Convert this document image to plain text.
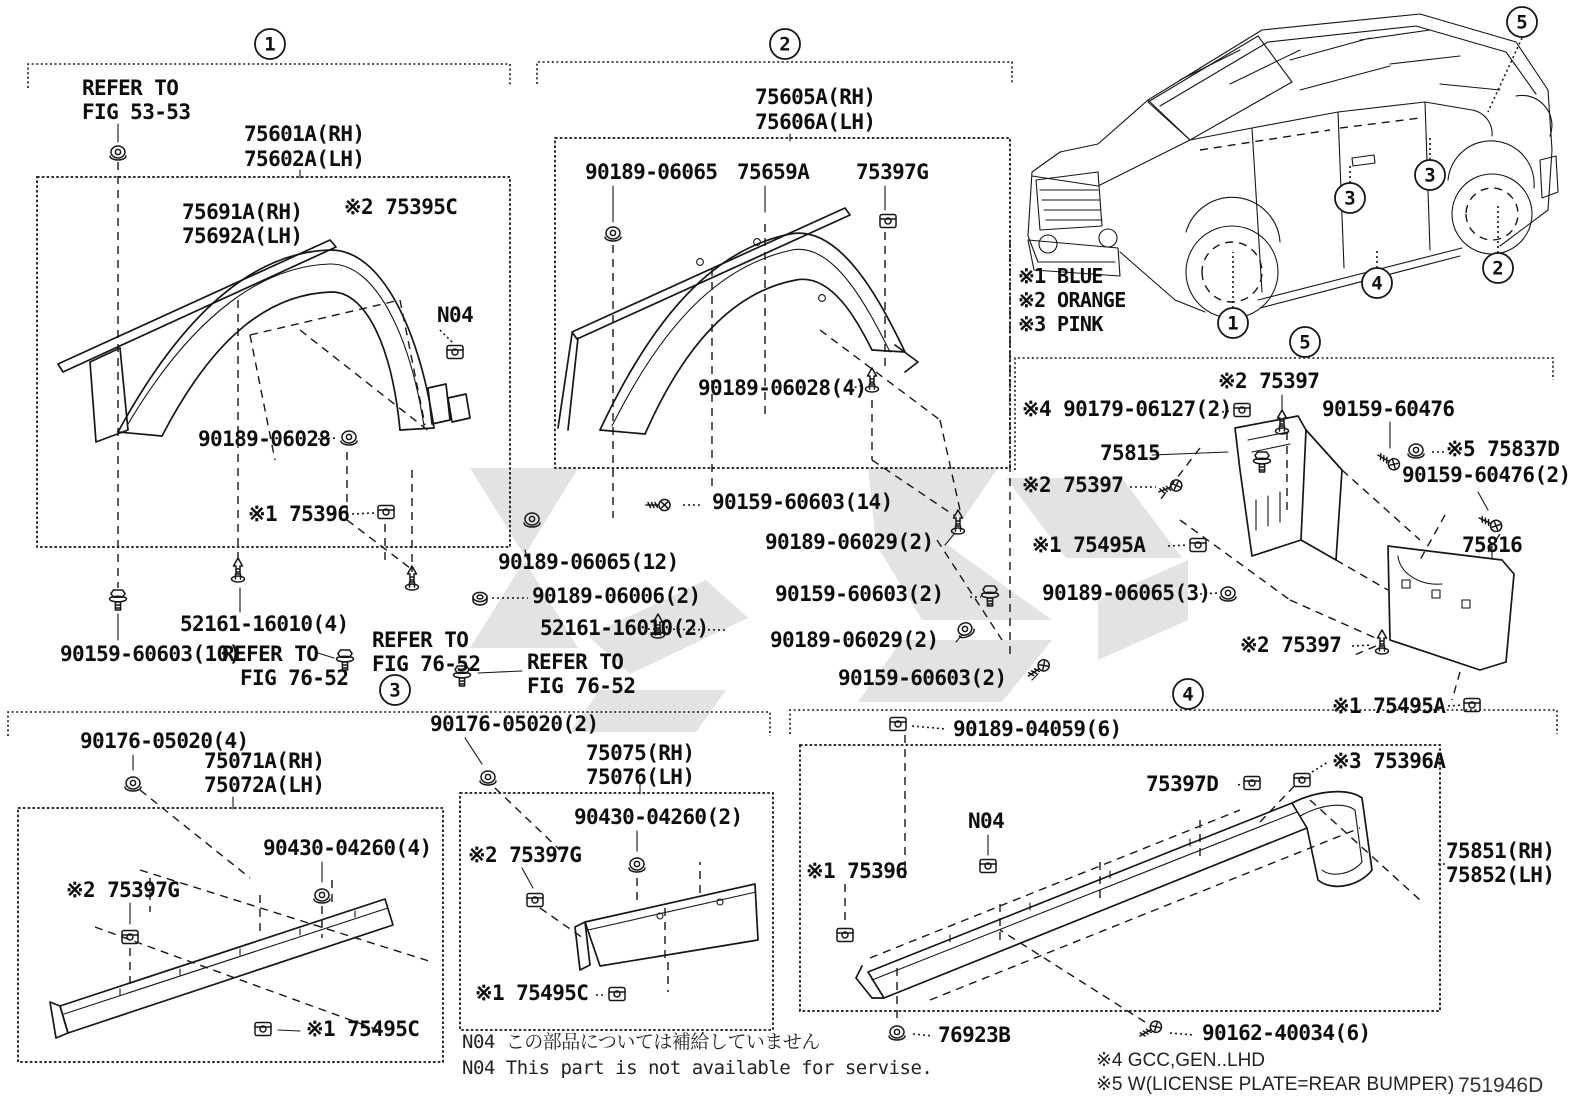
1	2
3	4
5
1
2
3
3
4
5
REFER TO
FIG 53-53
75601A(RH)
75602A(LH)
75691A(RH)
75692A(LH)
※2 75395C
N04
90189-06028
※1 75396
52161-16010(4)
90159-60603(10)
REFER TO
FIG 76-52
REFER TO
FIG 76-52
75605A(RH)
75606A(LH)
90189-06065 75659A 75397G
90189-06028(4)
90159-60603(14)
90189-06029(2)
90189-06065(12)
90189-06006(2)
52161-16010(2)
REFER TO
FIG 76-52
90159-60603(2)
90189-06029(2)
90159-60603(2)
※1 BLUE
※2 ORANGE
※3 PINK
※2 75397
※4 90179-06127(2)	90159-60476
75815	※5 75837D
90159-60476(2)
※2 75397
※1 75495A
90189-06065(3)
75816
※2 75397
※1 75495A
90176-05020(4)
75071A(RH)
75072A(LH)
90430-04260(4)
※2 75397G
※1 75495C
90176-05020(2)
75075(RH)
75076(LH)
90430-04260(2)
※2 75397G
※1 75495C
90189-04059(6)
※3 75396A
75397D
N04
※1 75396
75851(RH)
75852(LH)
76923B	90162-40034(6)
N04 この部品については補給していません
N04 This part is not available for servise.	※4 GCC,GEN..LHD
※5 W(LICENSE PLATE=REAR BUMPER) 751946D
